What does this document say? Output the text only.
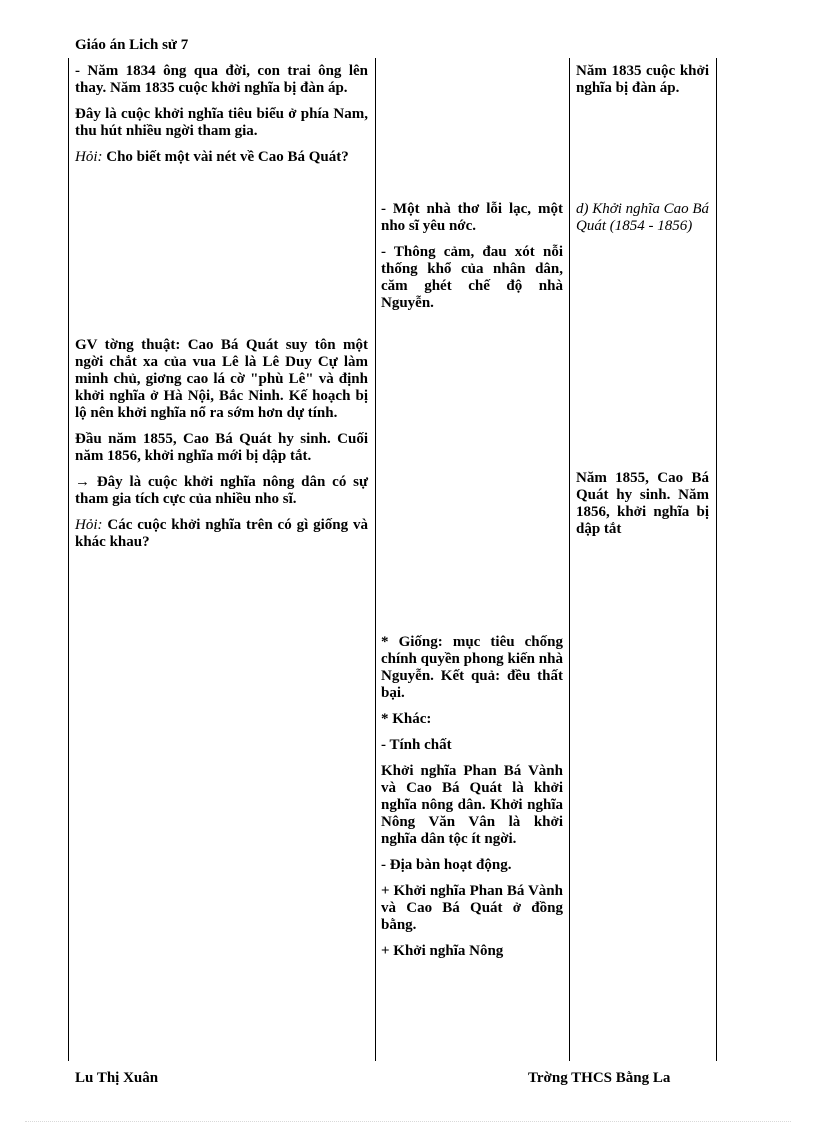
Giáo án Lich sử 7

- Năm 1834 ông qua đời, con trai ông lên thay. Năm 1835 cuộc khởi nghĩa bị đàn áp.

Đây là cuộc khởi nghĩa tiêu biểu ở phía Nam, thu hút nhiều ngời tham gia.

Hỏi: Cho biết một vài nét về Cao Bá Quát?

GV tờng thuật: Cao Bá Quát suy tôn một ngời chắt xa của vua Lê là Lê Duy Cự làm minh chủ, giơng cao lá cờ "phù Lê" và định khởi nghĩa ở Hà Nội, Bắc Ninh. Kế hoạch bị lộ nên khởi nghĩa nổ ra sớm hơn dự tính.

Đầu năm 1855, Cao Bá Quát hy sinh. Cuối năm 1856, khởi nghĩa mới bị dập tắt.

→ Đây là cuộc khởi nghĩa nông dân có sự tham gia tích cực của nhiều nho sĩ.

Hỏi: Các cuộc khởi nghĩa trên có gì giống và khác khau?

- Một nhà thơ lỗi lạc, một nho sĩ yêu nớc.

- Thông cảm, đau xót nỗi thống khổ của nhân dân, căm ghét chế độ nhà Nguyễn.

* Giống: mục tiêu chống chính quyền phong kiến nhà Nguyễn. Kết quả: đều thất bại.

* Khác:

- Tính chất

Khởi nghĩa Phan Bá Vành và Cao Bá Quát là khởi nghĩa nông dân. Khởi nghĩa Nông Văn Vân là khởi nghĩa dân tộc ít ngời.

- Địa bàn hoạt động.

+ Khởi nghĩa Phan Bá Vành và Cao Bá Quát ở đồng bằng.

+ Khởi nghĩa Nông

Năm 1835 cuộc khởi nghĩa bị đàn áp.

d) Khởi nghĩa Cao Bá Quát (1854 - 1856)

Năm 1855, Cao Bá Quát hy sinh. Năm 1856, khởi nghĩa bị dập tắt

Lu Thị Xuân	Trờng THCS Bằng La
